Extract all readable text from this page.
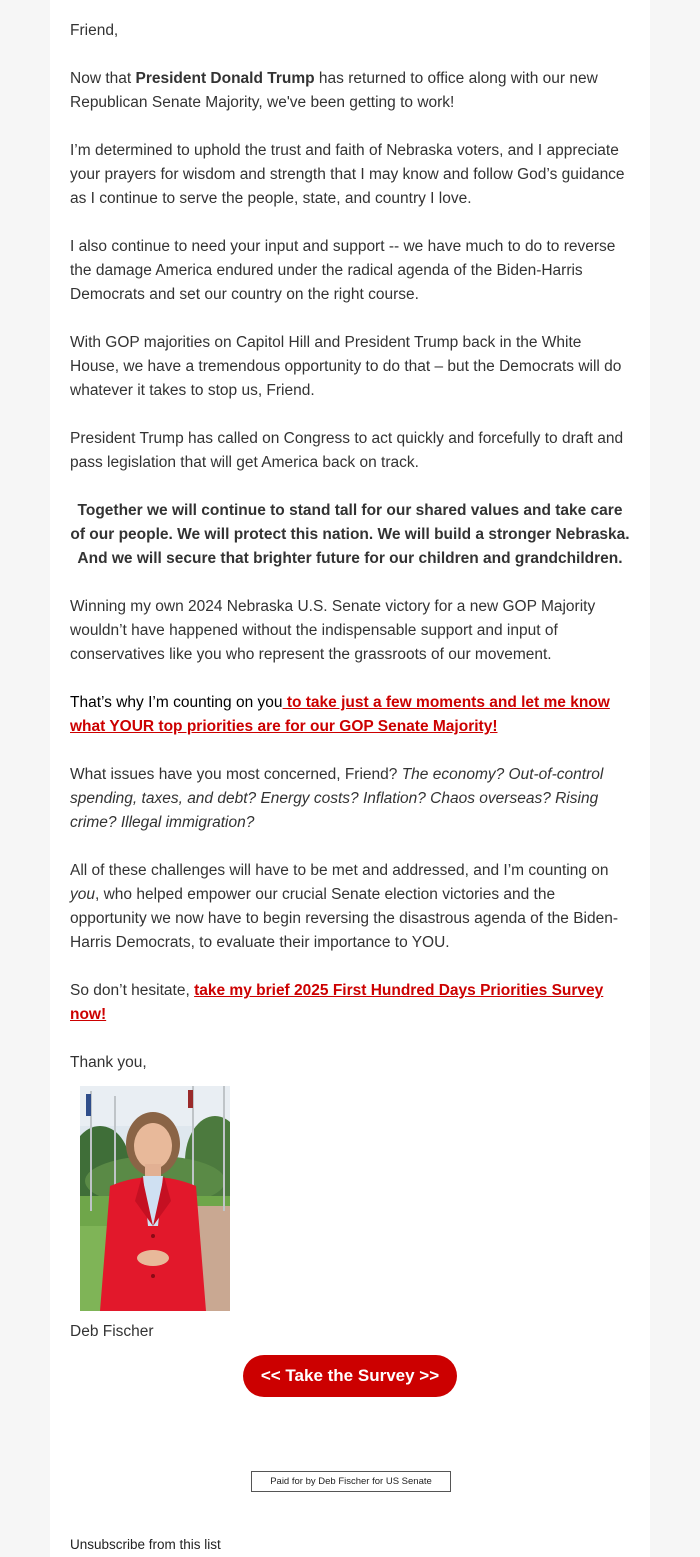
Friend,

Now that President Donald Trump has returned to office along with our new Republican Senate Majority, we've been getting to work!

I’m determined to uphold the trust and faith of Nebraska voters, and I appreciate your prayers for wisdom and strength that I may know and follow God’s guidance as I continue to serve the people, state, and country I love.

I also continue to need your input and support -- we have much to do to reverse the damage America endured under the radical agenda of the Biden-Harris Democrats and set our country on the right course.

With GOP majorities on Capitol Hill and President Trump back in the White House, we have a tremendous opportunity to do that – but the Democrats will do whatever it takes to stop us, Friend.

President Trump has called on Congress to act quickly and forcefully to draft and pass legislation that will get America back on track.

Together we will continue to stand tall for our shared values and take care of our people. We will protect this nation. We will build a stronger Nebraska. And we will secure that brighter future for our children and grandchildren.

Winning my own 2024 Nebraska U.S. Senate victory for a new GOP Majority wouldn’t have happened without the indispensable support and input of conservatives like you who represent the grassroots of our movement.

That’s why I’m counting on you to take just a few moments and let me know what YOUR top priorities are for our GOP Senate Majority!

What issues have you most concerned, Friend? The economy? Out-of-control spending, taxes, and debt? Energy costs? Inflation? Chaos overseas? Rising crime? Illegal immigration?

All of these challenges will have to be met and addressed, and I’m counting on you, who helped empower our crucial Senate election victories and the opportunity we now have to begin reversing the disastrous agenda of the Biden-Harris Democrats, to evaluate their importance to YOU.

So don’t hesitate, take my brief 2025 First Hundred Days Priorities Survey now!

Thank you,

Deb Fischer
<< Take the Survey >>
Paid for by Deb Fischer for US Senate
Unsubscribe from this list
